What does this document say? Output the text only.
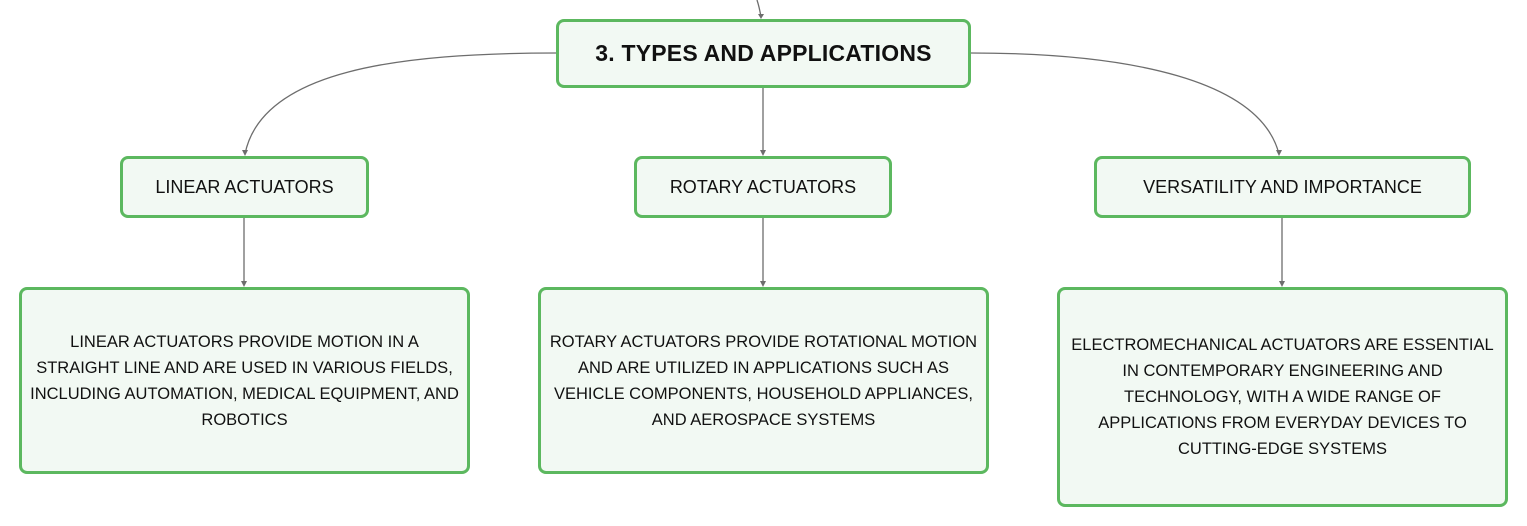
3. TYPES AND APPLICATIONS
LINEAR ACTUATORS	ROTARY ACTUATORS	VERSATILITY AND IMPORTANCE
LINEAR ACTUATORS PROVIDE MOTION IN A STRAIGHT LINE AND ARE USED IN VARIOUS FIELDS, INCLUDING AUTOMATION, MEDICAL EQUIPMENT, AND ROBOTICS
ROTARY ACTUATORS PROVIDE ROTATIONAL MOTION AND ARE UTILIZED IN APPLICATIONS SUCH AS VEHICLE COMPONENTS, HOUSEHOLD APPLIANCES, AND AEROSPACE SYSTEMS
ELECTROMECHANICAL ACTUATORS ARE ESSENTIAL IN CONTEMPORARY ENGINEERING AND TECHNOLOGY, WITH A WIDE RANGE OF APPLICATIONS FROM EVERYDAY DEVICES TO CUTTING-EDGE SYSTEMS
